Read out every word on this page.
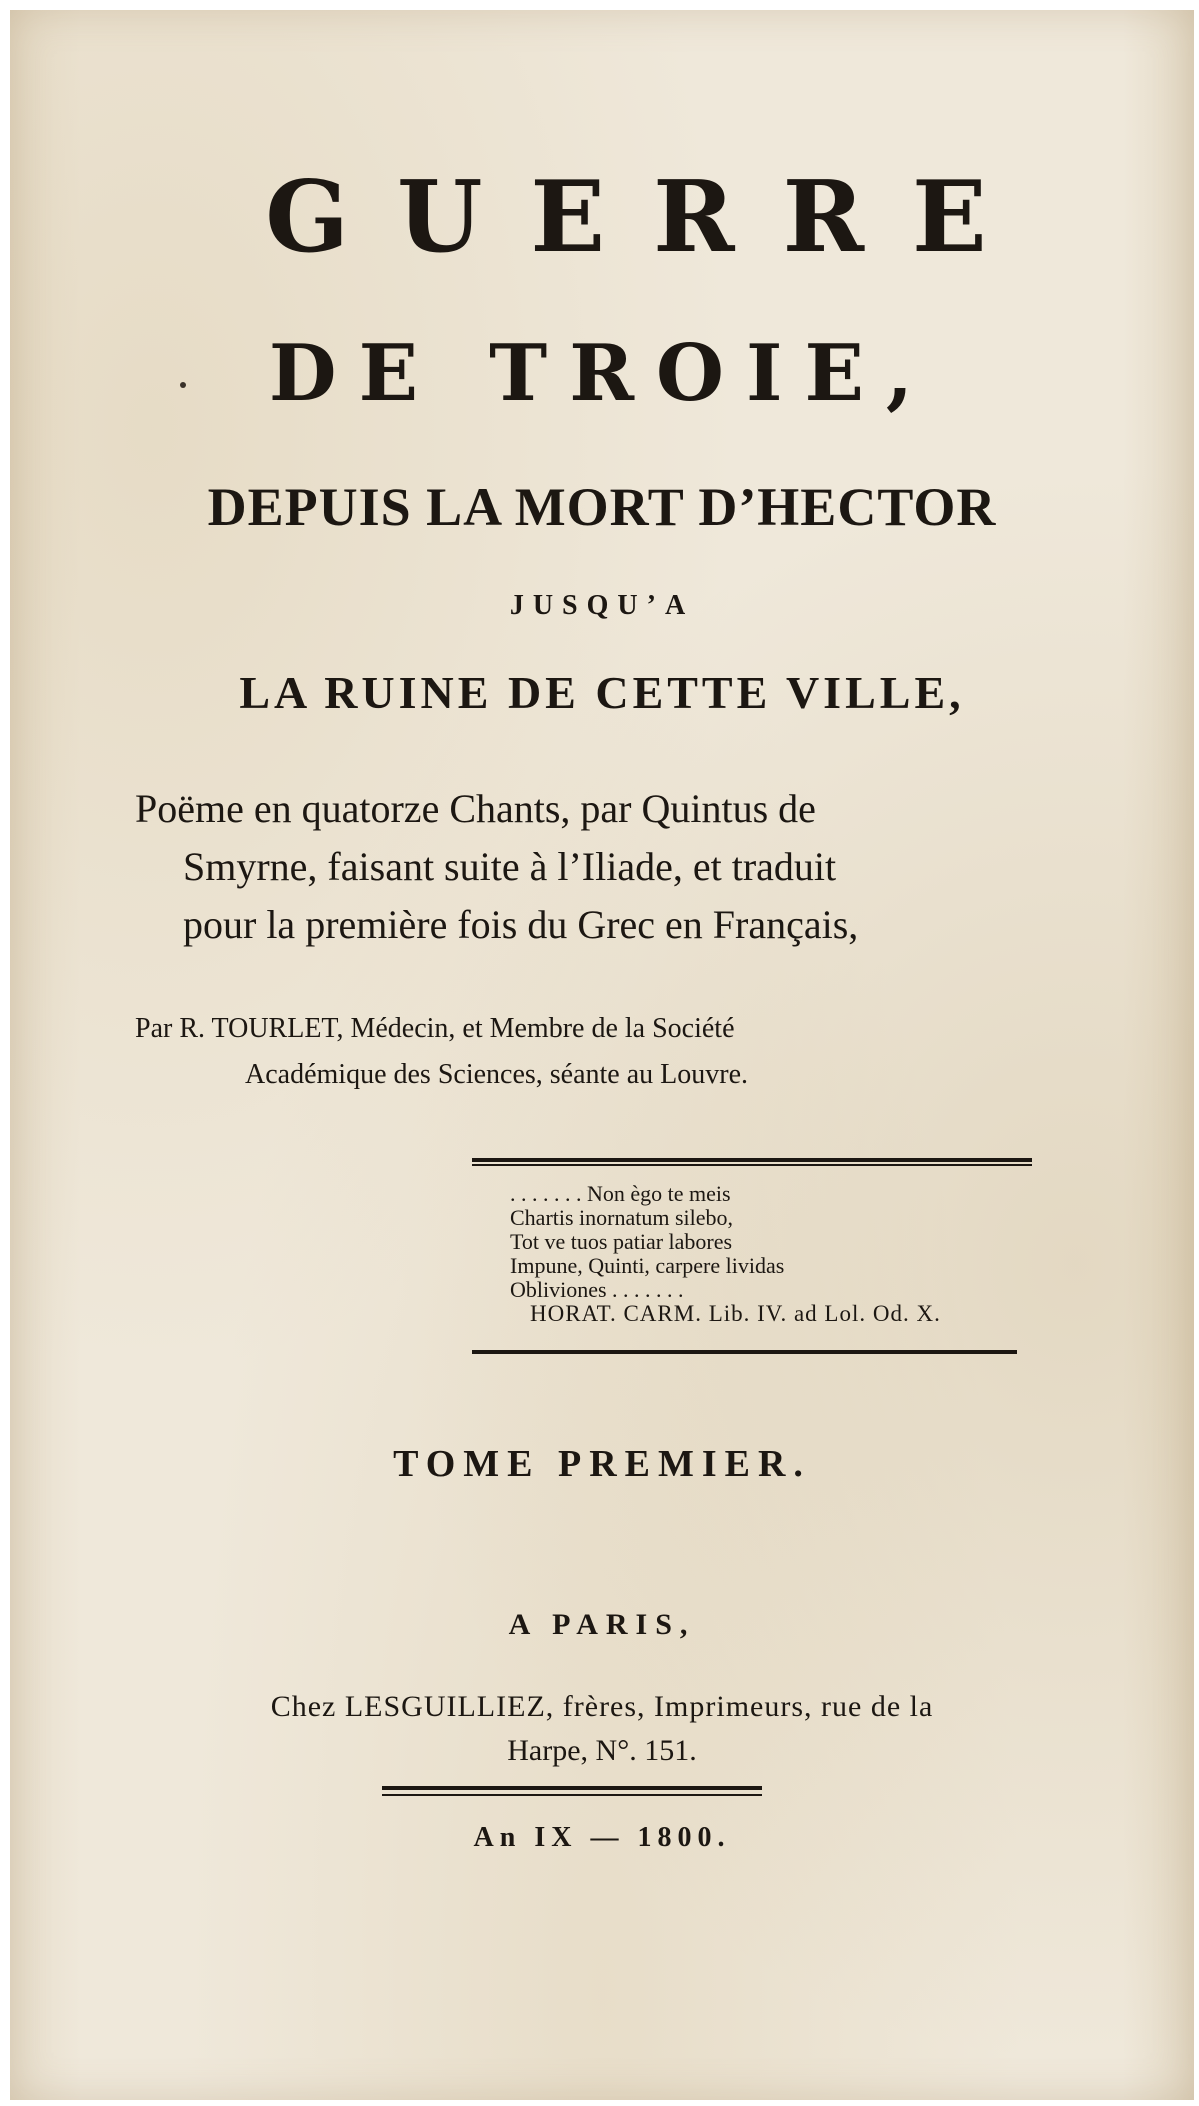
GUERRE
DE TROIE,
DEPUIS LA MORT D’HECTOR
JUSQU’A
LA RUINE DE CETTE VILLE,
Poëme en quatorze Chants, par Quintus de
Smyrne, faisant suite à l’Iliade, et traduit
pour la première fois du Grec en Français,
Par R. TOURLET, Médecin, et Membre de la Société
Académique des Sciences, séante au Louvre.
. . . . . . . Non ègo te meis
Chartis inornatum silebo,
Tot ve tuos patiar labores
Impune, Quinti, carpere lividas
Obliviones . . . . . . .
HORAT. CARM. Lib. IV. ad Lol. Od. X.
TOME PREMIER.
A PARIS,
Chez LESGUILLIEZ, frères, Imprimeurs, rue de la
Harpe, N°. 151.
An IX — 1800.
